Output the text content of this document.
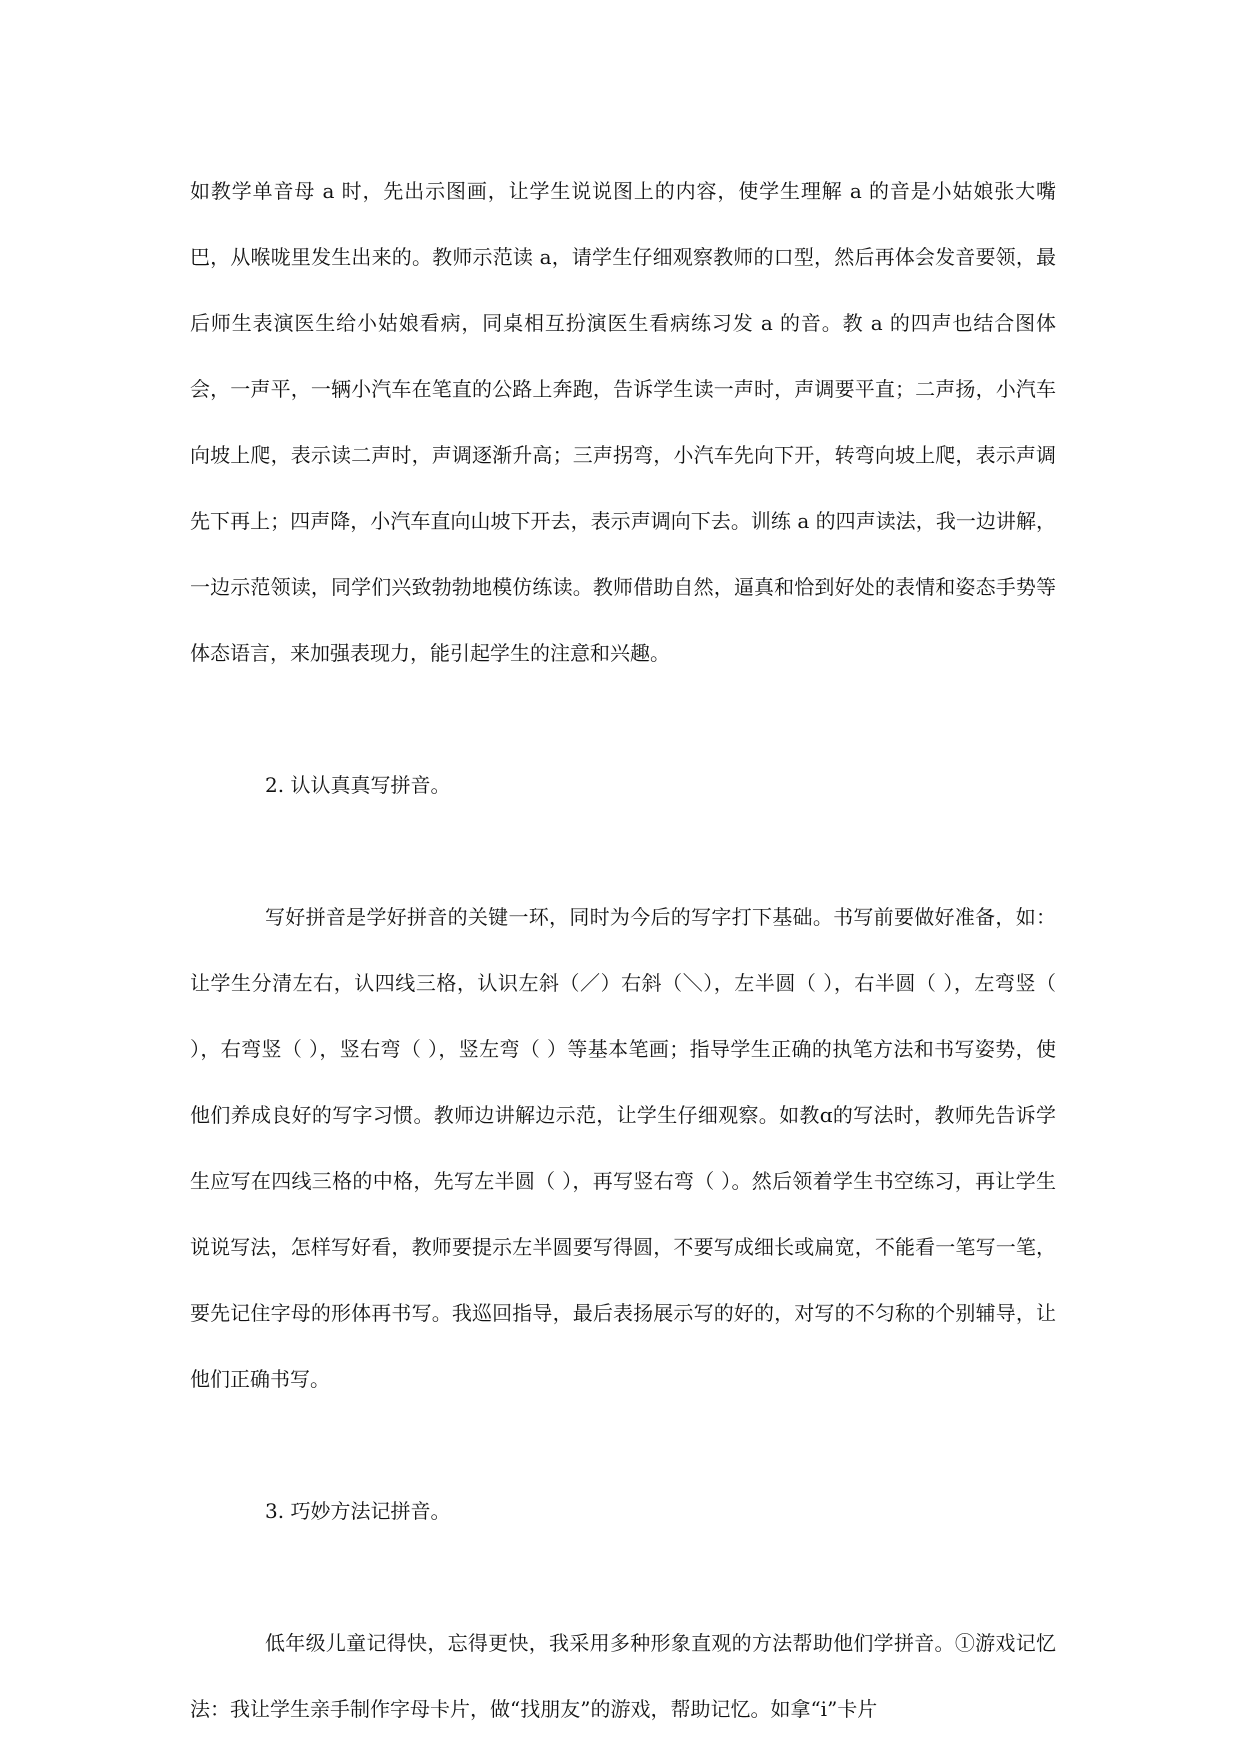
如教学单音母 a 时，先出示图画，让学生说说图上的内容，使学生理解 a 的音是小姑娘张大嘴巴，从喉咙里发生出来的。教师示范读 a，请学生仔细观察教师的口型，然后再体会发音要领，最后师生表演医生给小姑娘看病，同桌相互扮演医生看病练习发 a 的音。教 a 的四声也结合图体会，一声平，一辆小汽车在笔直的公路上奔跑，告诉学生读一声时，声调要平直；二声扬，小汽车向坡上爬，表示读二声时，声调逐渐升高；三声拐弯，小汽车先向下开，转弯向坡上爬，表示声调先下再上；四声降，小汽车直向山坡下开去，表示声调向下去。训练 a 的四声读法，我一边讲解，一边示范领读，同学们兴致勃勃地模仿练读。教师借助自然，逼真和恰到好处的表情和姿态手势等体态语言，来加强表现力，能引起学生的注意和兴趣。

2. 认认真真写拼音。

写好拼音是学好拼音的关键一环，同时为今后的写字打下基础。书写前要做好准备，如：让学生分清左右，认四线三格，认识左斜（／）右斜（＼），左半圆（ ），右半圆（ ），左弯竖（ ），右弯竖（ ），竖右弯（ ），竖左弯（ ）等基本笔画；指导学生正确的执笔方法和书写姿势，使他们养成良好的写字习惯。教师边讲解边示范，让学生仔细观察。如教ɑ的写法时，教师先告诉学生应写在四线三格的中格，先写左半圆（ ），再写竖右弯（ ）。然后领着学生书空练习，再让学生说说写法，怎样写好看，教师要提示左半圆要写得圆，不要写成细长或扁宽，不能看一笔写一笔，要先记住字母的形体再书写。我巡回指导，最后表扬展示写的好的，对写的不匀称的个别辅导，让他们正确书写。

3. 巧妙方法记拼音。

低年级儿童记得快，忘得更快，我采用多种形象直观的方法帮助他们学拼音。①游戏记忆法：我让学生亲手制作字母卡片，做“找朋友”的游戏，帮助记忆。如拿“i”卡片
